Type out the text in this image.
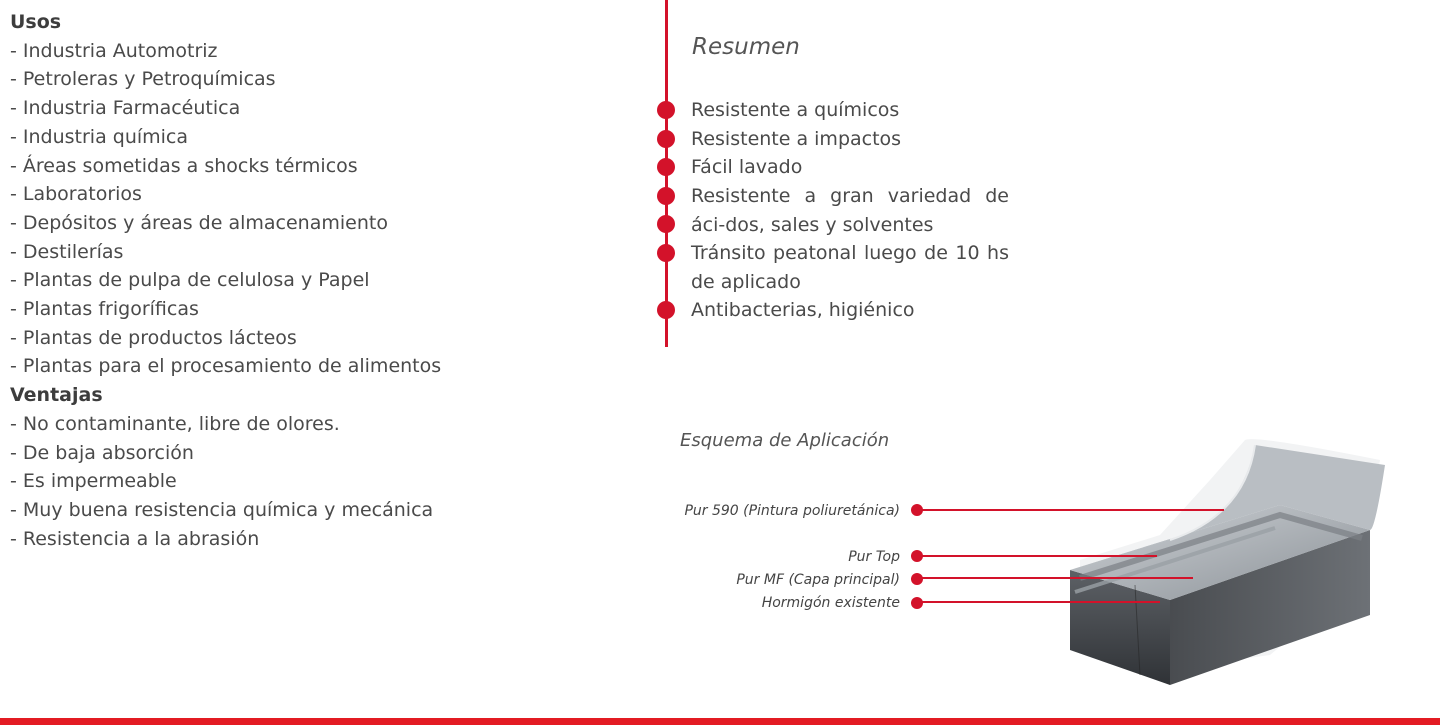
Usos
- Industria Automotriz
- Petroleras y Petroquímicas
- Industria Farmacéutica
- Industria química
- Áreas sometidas a shocks térmicos
- Laboratorios
- Depósitos y áreas de almacenamiento
- Destilerías
- Plantas de pulpa de celulosa y Papel
- Plantas frigoríficas
- Plantas de productos lácteos
- Plantas para el procesamiento de alimentos
Ventajas
- No contaminante, libre de olores.
- De baja absorción
- Es impermeable
- Muy buena resistencia química y mecánica
- Resistencia a la abrasión
Resumen
Resistente a químicos
Resistente a impactos
Fácil lavado
Resistente a gran variedad de áci-dos, sales y solventes
Tránsito peatonal luego de 10 hs de aplicado
Antibacterias, higiénico
Esquema de Aplicación
Pur 590 (Pintura poliuretánica)
Pur Top
Pur MF (Capa principal)
Hormigón existente
